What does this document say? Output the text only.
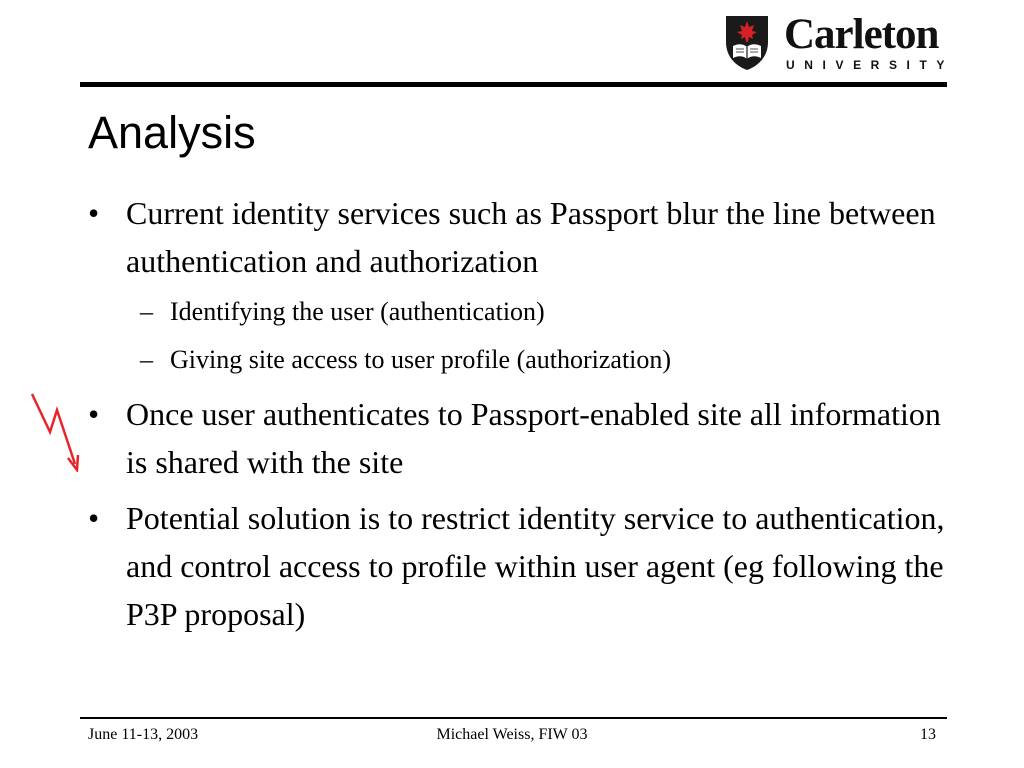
Carleton
UNIVERSITY
Analysis
• Current identity services such as Passport blur the line between authentication and authorization
– Identifying the user (authentication)
– Giving site access to user profile (authorization)
• Once user authenticates to Passport-enabled site all information is shared with the site
• Potential solution is to restrict identity service to authentication, and control access to profile within user agent (eg following the P3P proposal)
June 11-13, 2003	Michael Weiss, FIW 03	13
